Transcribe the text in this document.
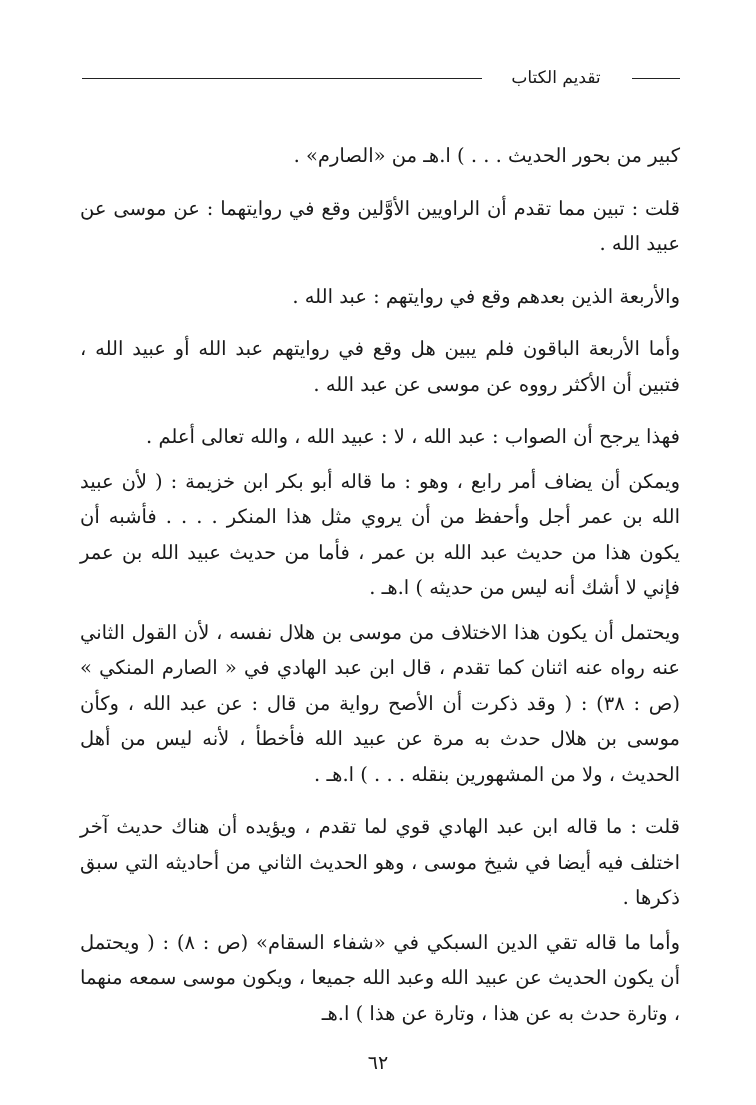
تقديم الكتاب

كبير من بحور الحديث . . . ) ا.هـ من «الصارم» .

قلت : تبين مما تقدم أن الراويين الأوَّلين وقع في روايتهما : عن موسى عن عبيد الله .

والأربعة الذين بعدهم وقع في روايتهم : عبد الله .

وأما الأربعة الباقون فلم يبين هل وقع في روايتهم عبد الله أو عبيد الله ، فتبين أن الأكثر رووه عن موسى عن عبد الله .

فهذا يرجح أن الصواب : عبد الله ، لا : عبيد الله ، والله تعالى أعلم .

ويمكن أن يضاف أمر رابع ، وهو : ما قاله أبو بكر ابن خزيمة : ( لأن عبيد الله بن عمر أجل وأحفظ من أن يروي مثل هذا المنكر . . . . فأشبه أن يكون هذا من حديث عبد الله بن عمر ، فأما من حديث عبيد الله بن عمر فإني لا أشك أنه ليس من حديثه ) ا.هـ .

ويحتمل أن يكون هذا الاختلاف من موسى بن هلال نفسه ، لأن القول الثاني عنه رواه عنه اثنان كما تقدم ، قال ابن عبد الهادي في « الصارم المنكي » (ص : ٣٨) : ( وقد ذكرت أن الأصح رواية من قال : عن عبد الله ، وكأن موسى بن هلال حدث به مرة عن عبيد الله فأخطأ ، لأنه ليس من أهل الحديث ، ولا من المشهورين بنقله . . . ) ا.هـ .

قلت : ما قاله ابن عبد الهادي قوي لما تقدم ، ويؤيده أن هناك حديث آخر اختلف فيه أيضا في شيخ موسى ، وهو الحديث الثاني من أحاديثه التي سبق ذكرها .

وأما ما قاله تقي الدين السبكي في «شفاء السقام» (ص : ٨) : ( ويحتمل أن يكون الحديث عن عبيد الله وعبد الله جميعا ، ويكون موسى سمعه منهما ، وتارة حدث به عن هذا ، وتارة عن هذا ) ا.هـ

٦٢
